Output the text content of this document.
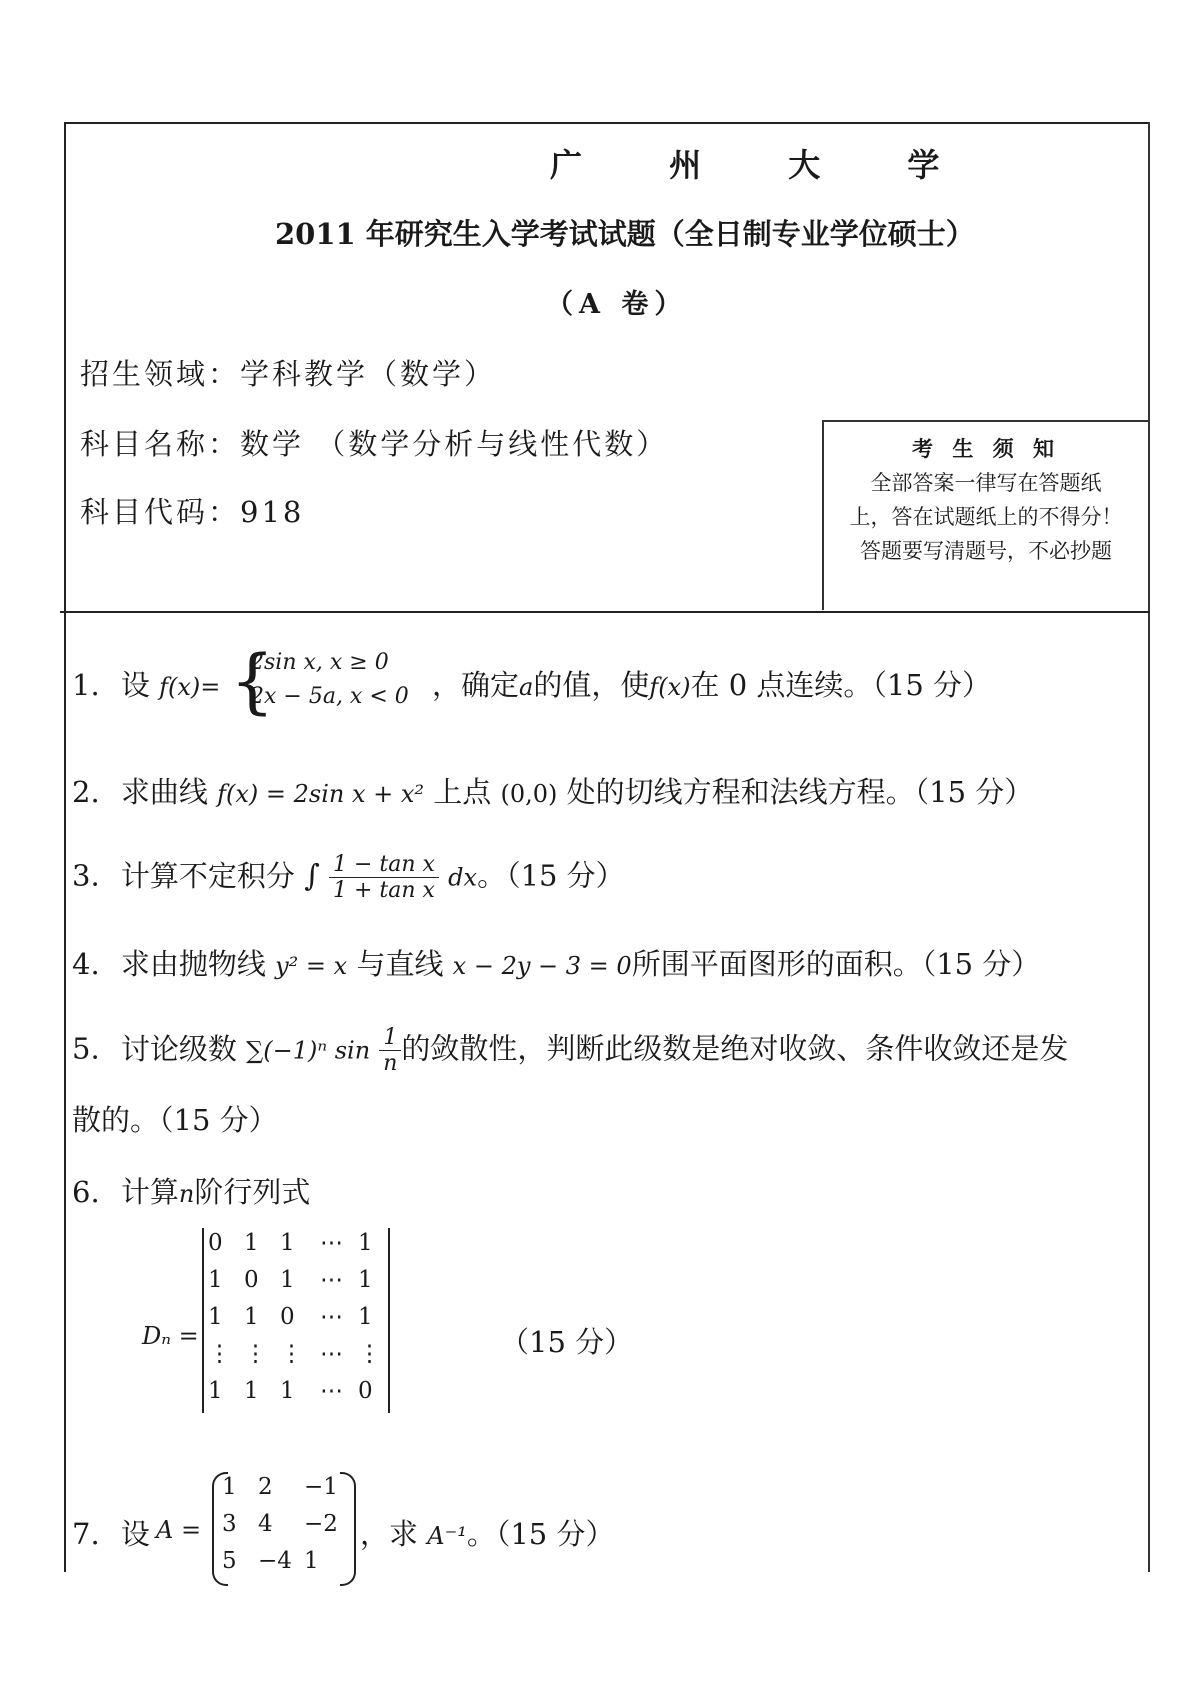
广 州 大 学
2011 年研究生入学考试试题（全日制专业学位硕士）
（A 卷）
招生领域：学科教学（数学）
科目名称：数学 （数学分析与线性代数）
科目代码：918
考 生 须 知
全部答案一律写在答题纸
上，答在试题纸上的不得分！
答题要写清题号，不必抄题
1. 设 f(x)= {
2sin x, x ≥ 0
2x − 5a, x < 0 ，确定a的值，使f(x)在 0 点连续。（15 分）
2. 求曲线 f(x) = 2sin x + x² 上点 (0,0) 处的切线方程和法线方程。（15 分）
3. 计算不定积分 ∫ $\frac{\text{1 − tan x}}{\text{1 + tan x}}$ dx。（15 分）
4. 求由抛物线 y² = x 与直线 x − 2y − 3 = 0所围平面图形的面积。（15 分）
5. 讨论级数 ∑(−1)ⁿ $\sin \frac{1}{n}$ 的敛散性，判断此级数是绝对收敛、条件收敛还是发
散的。（15 分）
6. 计算n阶行列式
Dₙ =
0 1 1 ⋯ 1
1 0 1 ⋯ 1
1 1 0 ⋯ 1
⋮ ⋮ ⋮ ⋯ ⋮
1 1 1 ⋯ 0
（15 分）
7. 设 A =
1 2 −1
3 4 −2
5 −4 1
，求 A⁻¹。（15 分）
